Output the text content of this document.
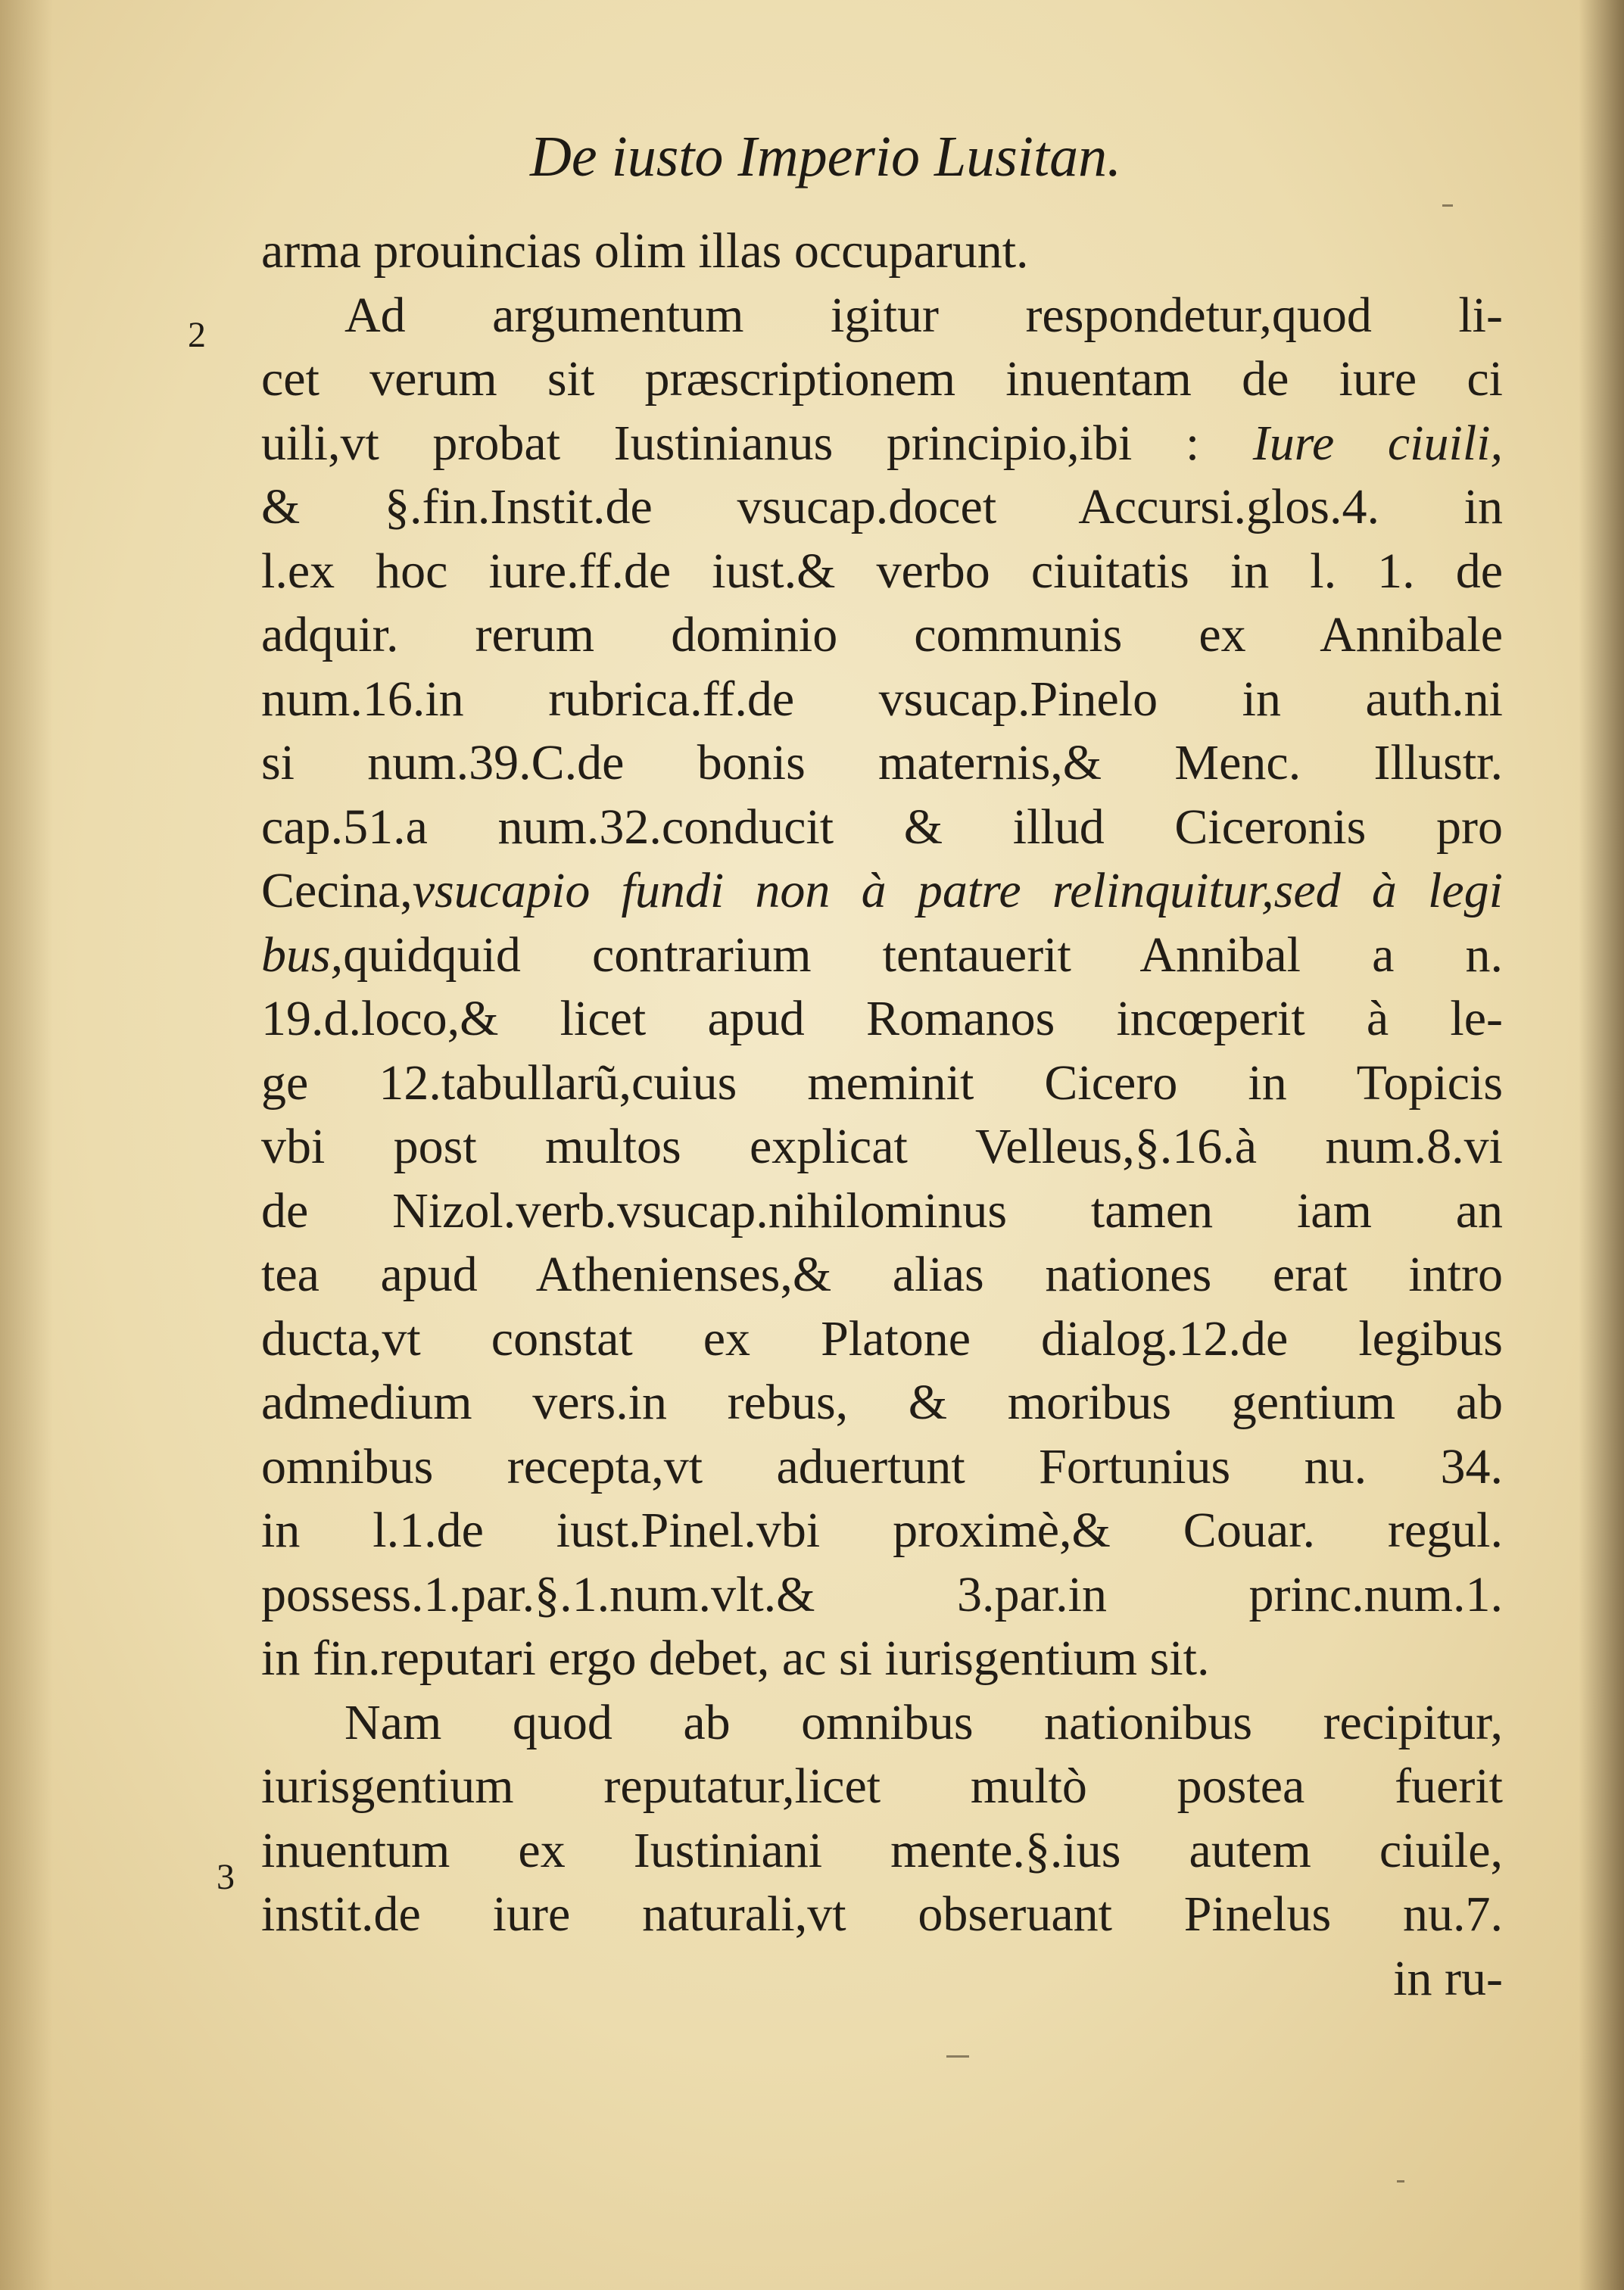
De iusto Imperio Lusitan.
2
3
arma prouincias olim illas occuparunt.
Ad argumentum igitur respondetur,quod li-
cet verum sit præscriptionem inuentam de iure ci
uili,vt probat Iustinianus principio,ibi : Iure ciuili,
& §.fin.Instit.de vsucap.docet Accursi.glos.4. in
l.ex hoc iure.ff.de iust.& verbo ciuitatis in l. 1. de
adquir. rerum dominio communis ex Annibale
num.16.in rubrica.ff.de vsucap.Pinelo in auth.ni
si num.39.C.de bonis maternis,& Menc. Illustr.
cap.51.a num.32.conducit & illud Ciceronis pro
Cecina,vsucapio fundi non à patre relinquitur,sed à legi
bus,quidquid contrarium tentauerit Annibal a n.
19.d.loco,& licet apud Romanos incœperit à le-
ge 12.tabullarũ,cuius meminit Cicero in Topicis
vbi post multos explicat Velleus,§.16.à num.8.vi
de Nizol.verb.vsucap.nihilominus tamen iam an
tea apud Athenienses,& alias nationes erat intro
ducta,vt constat ex Platone dialog.12.de legibus
admedium vers.in rebus, & moribus gentium ab
omnibus recepta,vt aduertunt Fortunius nu. 34.
in l.1.de iust.Pinel.vbi proximè,& Couar. regul.
possess.1.par.§.1.num.vlt.& 3.par.in princ.num.1.
in fin.reputari ergo debet, ac si iurisgentium sit.
Nam quod ab omnibus nationibus recipitur,
iurisgentium reputatur,licet multò postea fuerit
inuentum ex Iustiniani mente.§.ius autem ciuile,
instit.de iure naturali,vt obseruant Pinelus nu.7.
in ru-
